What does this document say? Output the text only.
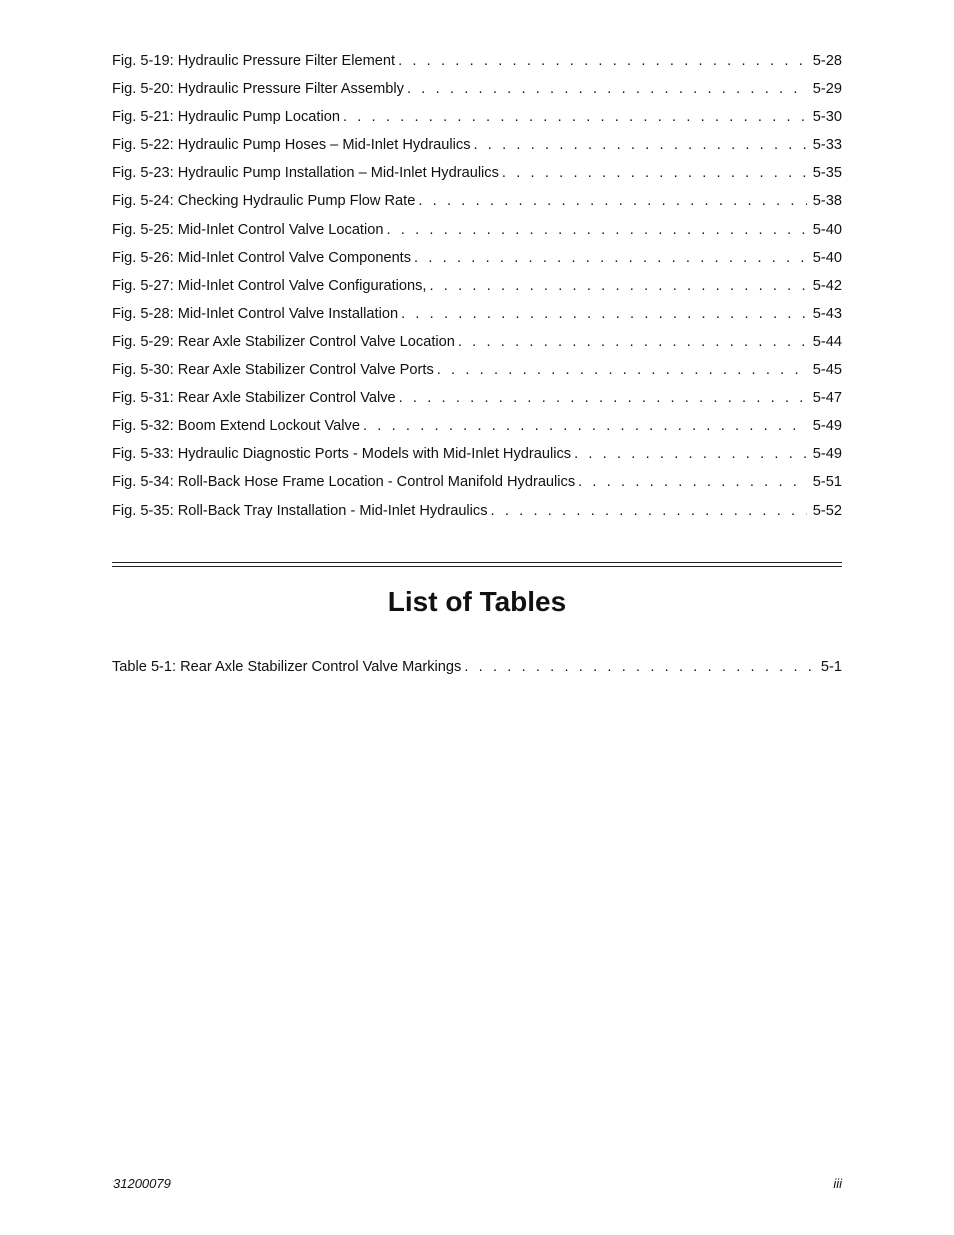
Fig. 5-19: Hydraulic Pressure Filter Element . . .	5-28
Fig. 5-20: Hydraulic Pressure Filter Assembly . . .	5-29
Fig. 5-21: Hydraulic Pump Location . . .	5-30
Fig. 5-22: Hydraulic Pump Hoses – Mid-Inlet Hydraulics . . .	5-33
Fig. 5-23: Hydraulic Pump Installation – Mid-Inlet Hydraulics . . .	5-35
Fig. 5-24: Checking Hydraulic Pump Flow Rate . . .	5-38
Fig. 5-25: Mid-Inlet Control Valve Location . . .	5-40
Fig. 5-26: Mid-Inlet Control Valve Components . . .	5-40
Fig. 5-27: Mid-Inlet Control Valve Configurations, . . .	5-42
Fig. 5-28: Mid-Inlet Control Valve Installation . . .	5-43
Fig. 5-29: Rear Axle Stabilizer Control Valve Location . . .	5-44
Fig. 5-30: Rear Axle Stabilizer Control Valve Ports . . .	5-45
Fig. 5-31: Rear Axle Stabilizer Control Valve . . .	5-47
Fig. 5-32: Boom Extend Lockout Valve . . .	5-49
Fig. 5-33: Hydraulic Diagnostic Ports - Models with Mid-Inlet Hydraulics . . .	5-49
Fig. 5-34: Roll-Back Hose Frame Location - Control Manifold Hydraulics . . .	5-51
Fig. 5-35: Roll-Back Tray Installation - Mid-Inlet Hydraulics . . .	5-52
List of Tables
Table 5-1: Rear Axle Stabilizer Control Valve Markings . . .	5-1
31200079	iii
